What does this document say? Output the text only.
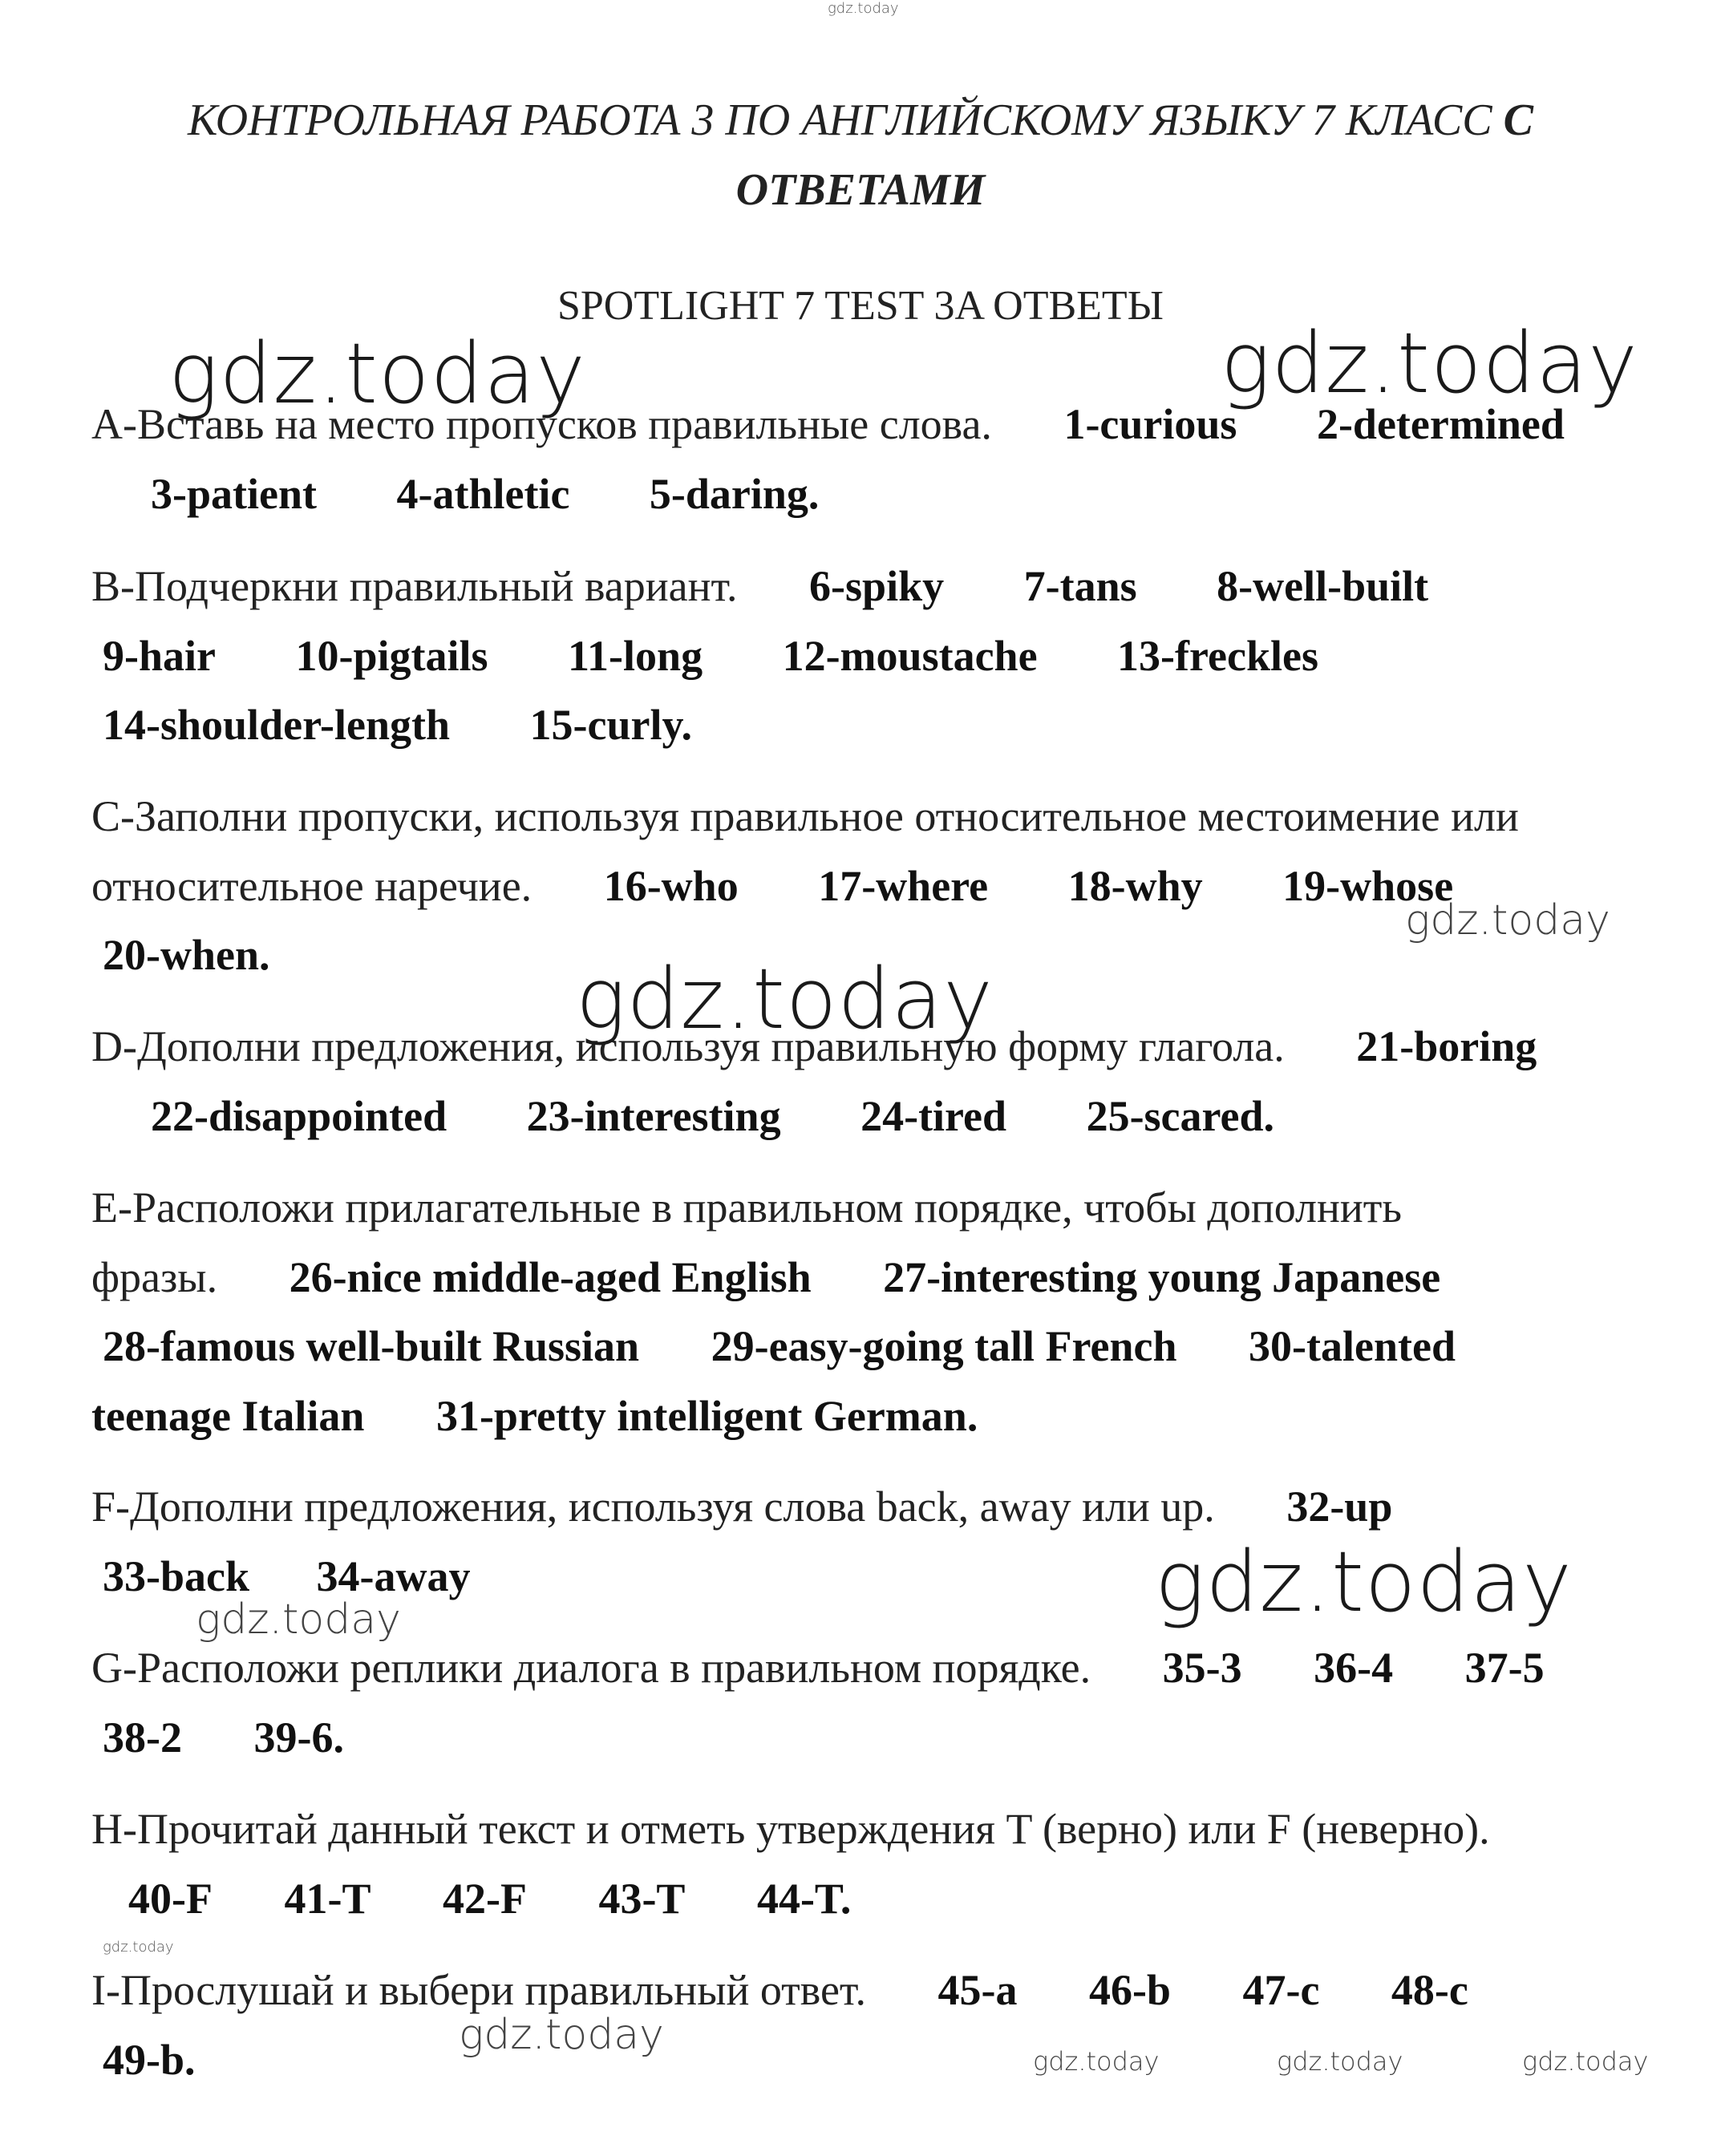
КОНТРОЛЬНАЯ РАБОТА 3 ПО АНГЛИЙСКОМУ ЯЗЫКУ 7 КЛАСС С
ОТВЕТАМИ
SPOTLIGHT 7 TEST 3A ОТВЕТЫ
A-Вставь на место пропусков правильные слова. 1-curious 2-determined
3-patient 4-athletic 5-daring.
B-Подчеркни правильный вариант. 6-spiky 7-tans 8-well-built
9-hair 10-pigtails 11-long 12-moustache 13-freckles
14-shoulder-length 15-curly.
C-Заполни пропуски, используя правильное относительное местоимение или
относительное наречие. 16-who 17-where 18-why 19-whose
20-when.
D-Дополни предложения, используя правильную форму глагола. 21-boring
22-disappointed 23-interesting 24-tired 25-scared.
E-Расположи прилагательные в правильном порядке, чтобы дополнить
фразы. 26-nice middle-aged English 27-interesting young Japanese
28-famous well-built Russian 29-easy-going tall French 30-talented
teenage Italian 31-pretty intelligent German.
F-Дополни предложения, используя слова back, away или up. 32-up
33-back 34-away
G-Расположи реплики диалога в правильном порядке. 35-3 36-4 37-5
38-2 39-6.
H-Прочитай данный текст и отметь утверждения T (верно) или F (неверно).
40-F 41-T 42-F 43-T 44-T.
I-Прослушай и выбери правильный ответ. 45-a 46-b 47-c 48-c
49-b.
gdz.today
gdz.today	gdz.today
gdz.today
gdz.today
gdz.today
gdz.today
gdz.today
gdz.today
gdz.today	gdz.today	gdz.today
